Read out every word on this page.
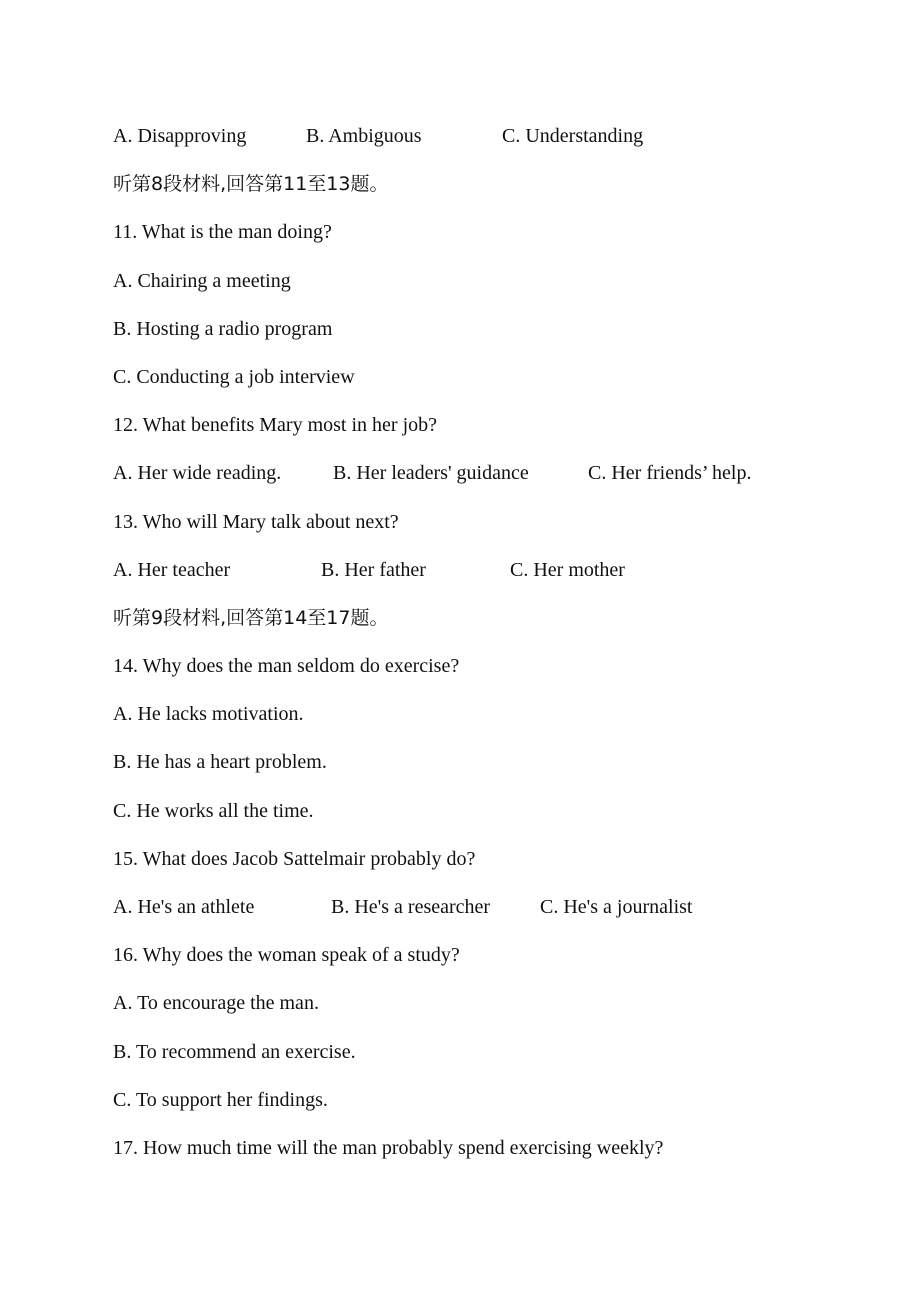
A. Disapproving	B. Ambiguous	C. Understanding
听第8段材料,回答第11至13题。
11. What is the man doing?
A. Chairing a meeting
B. Hosting a radio program
C. Conducting a job interview
12. What benefits Mary most in her job?
A. Her wide reading.	B. Her leaders' guidance	C. Her friends’ help.
13. Who will Mary talk about next?
A. Her teacher	B. Her father	C. Her mother
听第9段材料,回答第14至17题。
14. Why does the man seldom do exercise?
A. He lacks motivation.
B. He has a heart problem.
C. He works all the time.
15. What does Jacob Sattelmair probably do?
A. He's an athlete	B. He's a researcher C. He's a journalist
16. Why does the woman speak of a study?
A. To encourage the man.
B. To recommend an exercise.
C. To support her findings.
17. How much time will the man probably spend exercising weekly?
